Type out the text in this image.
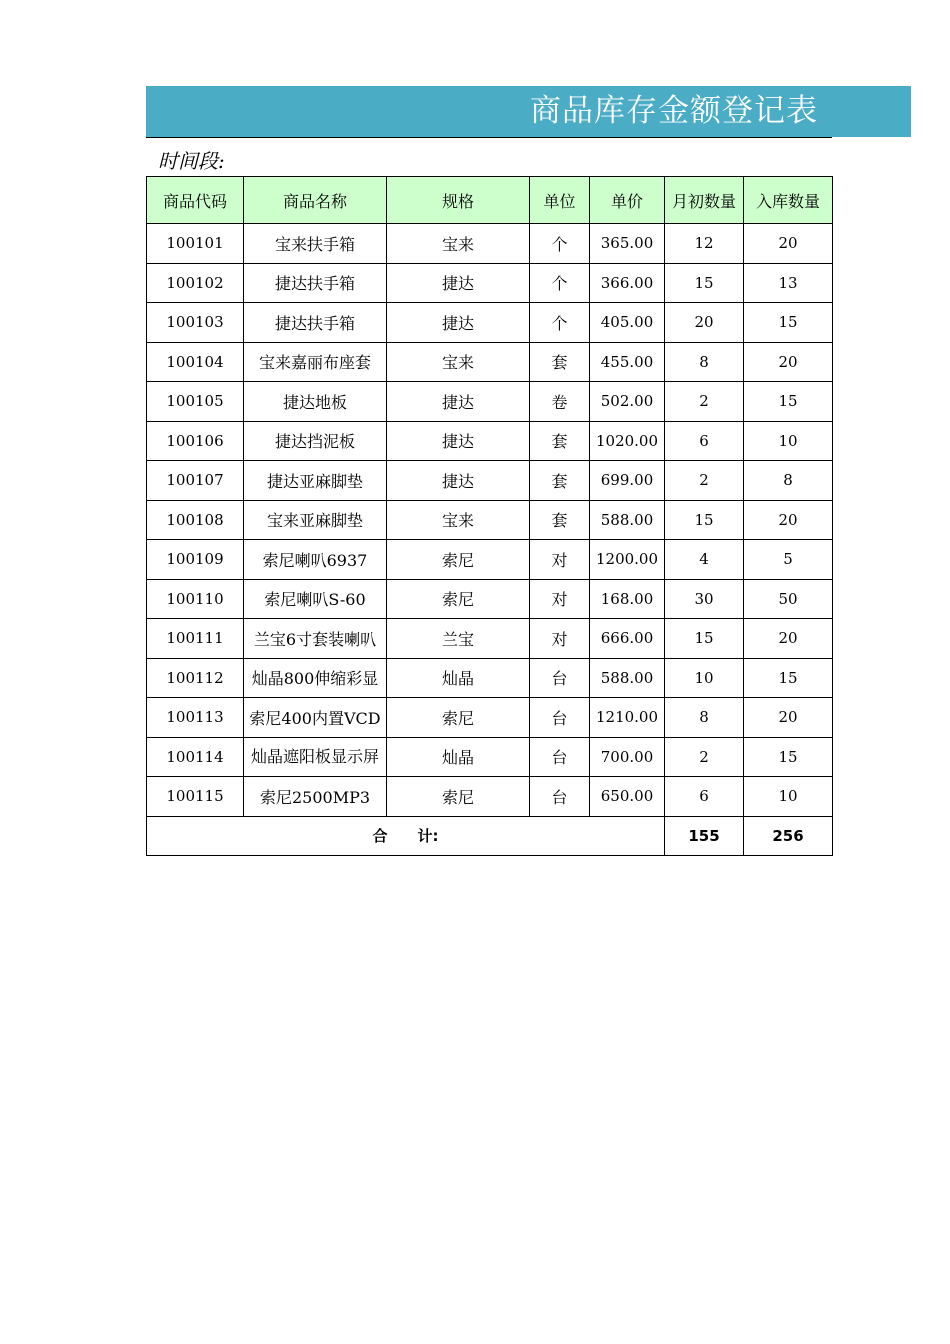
商品库存金额登记表
时间段:
商品代码	商品名称	规格	单位	单价	月初数量	入库数量
100101	宝来扶手箱	宝来	个	365.00	12	20
100102	捷达扶手箱	捷达	个	366.00	15	13
100103	捷达扶手箱	捷达	个	405.00	20	15
100104	宝来嘉丽布座套	宝来	套	455.00	8	20
100105	捷达地板	捷达	卷	502.00	2	15
100106	捷达挡泥板	捷达	套	1020.00	6	10
100107	捷达亚麻脚垫	捷达	套	699.00	2	8
100108	宝来亚麻脚垫	宝来	套	588.00	15	20
100109	索尼喇叭6937	索尼	对	1200.00	4	5
100110	索尼喇叭S-60	索尼	对	168.00	30	50
100111	兰宝6寸套装喇叭	兰宝	对	666.00	15	20
100112	灿晶800伸缩彩显	灿晶	台	588.00	10	15
100113	索尼400内置VCD	索尼	台	1210.00	8	20
100114	灿晶遮阳板显示屏	灿晶	台	700.00	2	15
100115	索尼2500MP3	索尼	台	650.00	6	10
合　　计:					155	256
